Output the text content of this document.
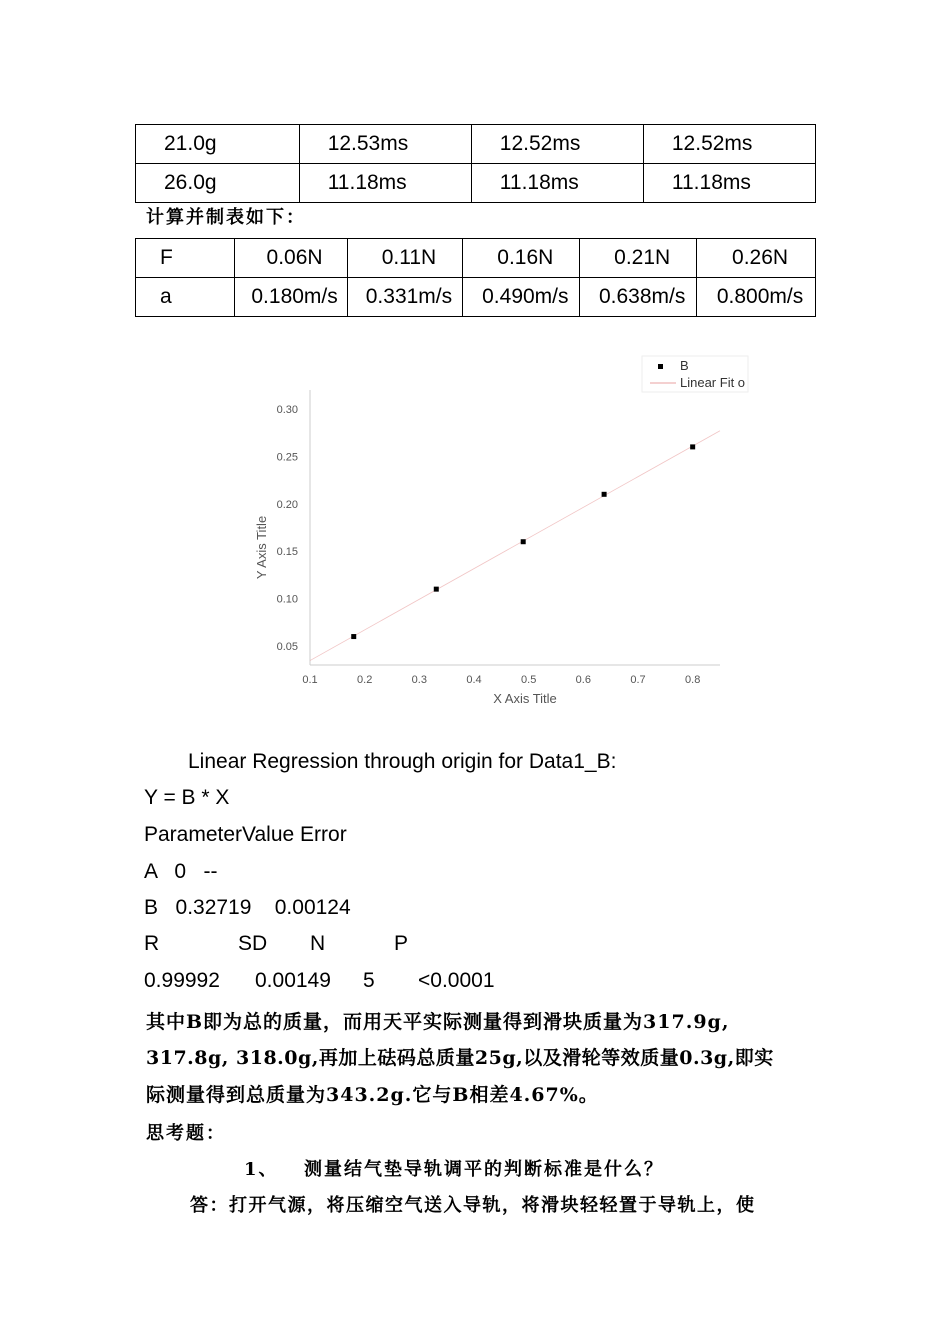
21.0g	12.53ms	12.52ms	12.52ms
26.0g	11.18ms	11.18ms	11.18ms
计算并制表如下：
F	0.06N	0.11N	0.16N	0.21N	0.26N
a	0.180m/s	0.331m/s	0.490m/s	0.638m/s	0.800m/s
0.1	0.2	0.3	0.4	0.5	0.6	0.7	0.8
0.05
0.10
0.15
0.20
0.25
0.30
X Axis Title
Y Axis Title
B
Linear Fit o
Linear Regression through origin for Data1_B:
Y = B * X
ParameterValue Error
A   0   --
B   0.32719    0.00124
R	SD N	P
0.99992 0.00149 5 <0.0001
其中B即为总的质量，而用天平实际测量得到滑块质量为317.9g,
317.8g, 318.0g,再加上砝码总质量25g,以及滑轮等效质量0.3g,即实
际测量得到总质量为343.2g.它与B相差4.67%。
思考题：
1、 测量结气垫导轨调平的判断标准是什么？
答：打开气源，将压缩空气送入导轨，将滑块轻轻置于导轨上，使
